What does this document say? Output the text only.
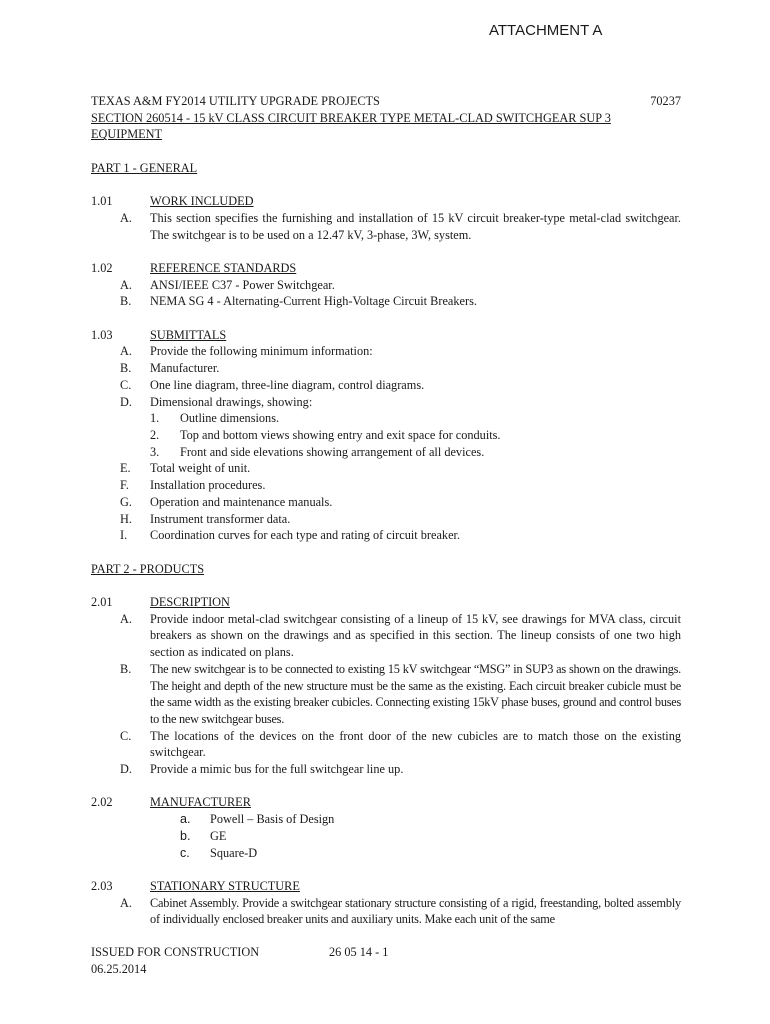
ATTACHMENT A
TEXAS A&M FY2014 UTILITY UPGRADE PROJECTS	70237
SECTION 260514 - 15 kV CLASS CIRCUIT BREAKER TYPE METAL-CLAD SWITCHGEAR SUP 3
EQUIPMENT
PART 1 - GENERAL
1.01	WORK INCLUDED
A.	This section specifies the furnishing and installation of 15 kV circuit breaker-type metal-clad switchgear. The switchgear is to be used on a 12.47 kV, 3-phase, 3W, system.
1.02	REFERENCE STANDARDS
A.	ANSI/IEEE C37 - Power Switchgear.
B.	NEMA SG 4 - Alternating-Current High-Voltage Circuit Breakers.
1.03	SUBMITTALS
A.	Provide the following minimum information:
B.	Manufacturer.
C.	One line diagram, three-line diagram, control diagrams.
D.	Dimensional drawings, showing:
1.	Outline dimensions.
2.	Top and bottom views showing entry and exit space for conduits.
3.	Front and side elevations showing arrangement of all devices.
E.	Total weight of unit.
F.	Installation procedures.
G.	Operation and maintenance manuals.
H.	Instrument transformer data.
I.	Coordination curves for each type and rating of circuit breaker.
PART 2 - PRODUCTS
2.01	DESCRIPTION
A.	Provide indoor metal-clad switchgear consisting of a lineup of 15 kV, see drawings for MVA class, circuit breakers as shown on the drawings and as specified in this section. The lineup consists of one two high section as indicated on plans.
B.	The new switchgear is to be connected to existing 15 kV switchgear “MSG” in SUP3 as shown on the drawings. The height and depth of the new structure must be the same as the existing. Each circuit breaker cubicle must be the same width as the existing breaker cubicles. Connecting existing 15kV phase buses, ground and control buses to the new switchgear buses.
C.	The locations of the devices on the front door of the new cubicles are to match those on the existing switchgear.
D.	Provide a mimic bus for the full switchgear line up.
2.02	MANUFACTURER
a.	Powell – Basis of Design
b.	GE
c.	Square-D
2.03	STATIONARY STRUCTURE
A.	Cabinet Assembly. Provide a switchgear stationary structure consisting of a rigid, freestanding, bolted assembly of individually enclosed breaker units and auxiliary units. Make each unit of the same
ISSUED FOR CONSTRUCTION	26 05 14 - 1
06.25.2014
